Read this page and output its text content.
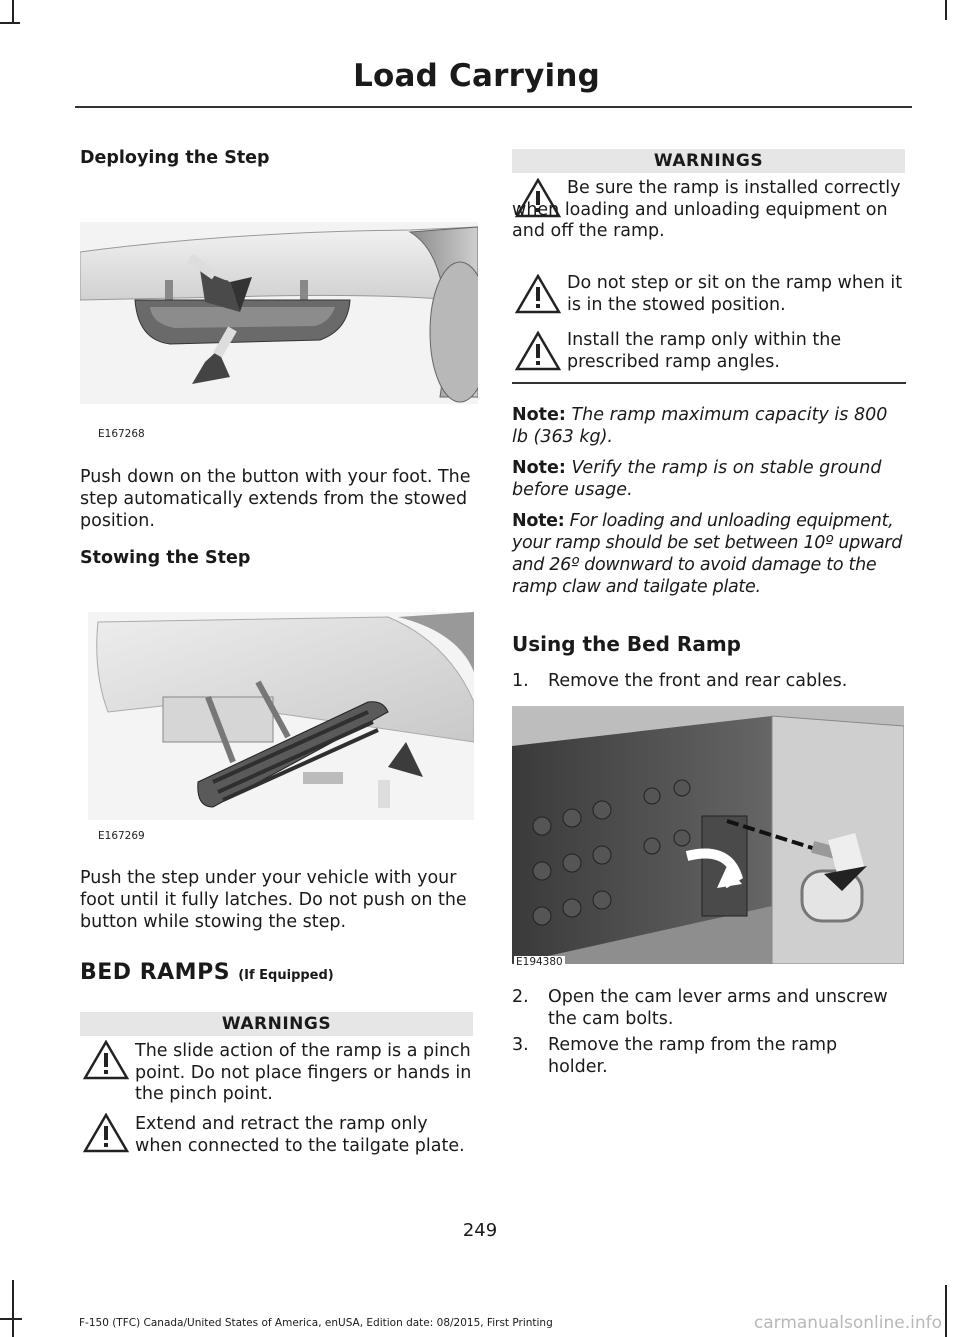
Load Carrying
Deploying the Step
E167268
Push down on the button with your foot. The step automatically extends from the stowed position.
Stowing the Step
E167269
Push the step under your vehicle with your foot until it fully latches. Do not push on the button while stowing the step.
BED RAMPS (If Equipped)
WARNINGS
The slide action of the ramp is a pinch point. Do not place fingers or hands in the pinch point.
Extend and retract the ramp only when connected to the tailgate plate.
WARNINGS
Be sure the ramp is installed correctly when loading and unloading equipment on and off the ramp.
Do not step or sit on the ramp when it is in the stowed position.
Install the ramp only within the prescribed ramp angles.
Note: The ramp maximum capacity is 800 lb (363 kg).
Note: Verify the ramp is on stable ground before usage.
Note: For loading and unloading equipment, your ramp should be set between 10º upward and 26º downward to avoid damage to the ramp claw and tailgate plate.
Using the Bed Ramp
1. Remove the front and rear cables.
E194380
2. Open the cam lever arms and unscrew the cam bolts.
3. Remove the ramp from the ramp holder.
249
F-150 (TFC) Canada/United States of America, enUSA, Edition date: 08/2015, First Printing	carmanualsonline.info
